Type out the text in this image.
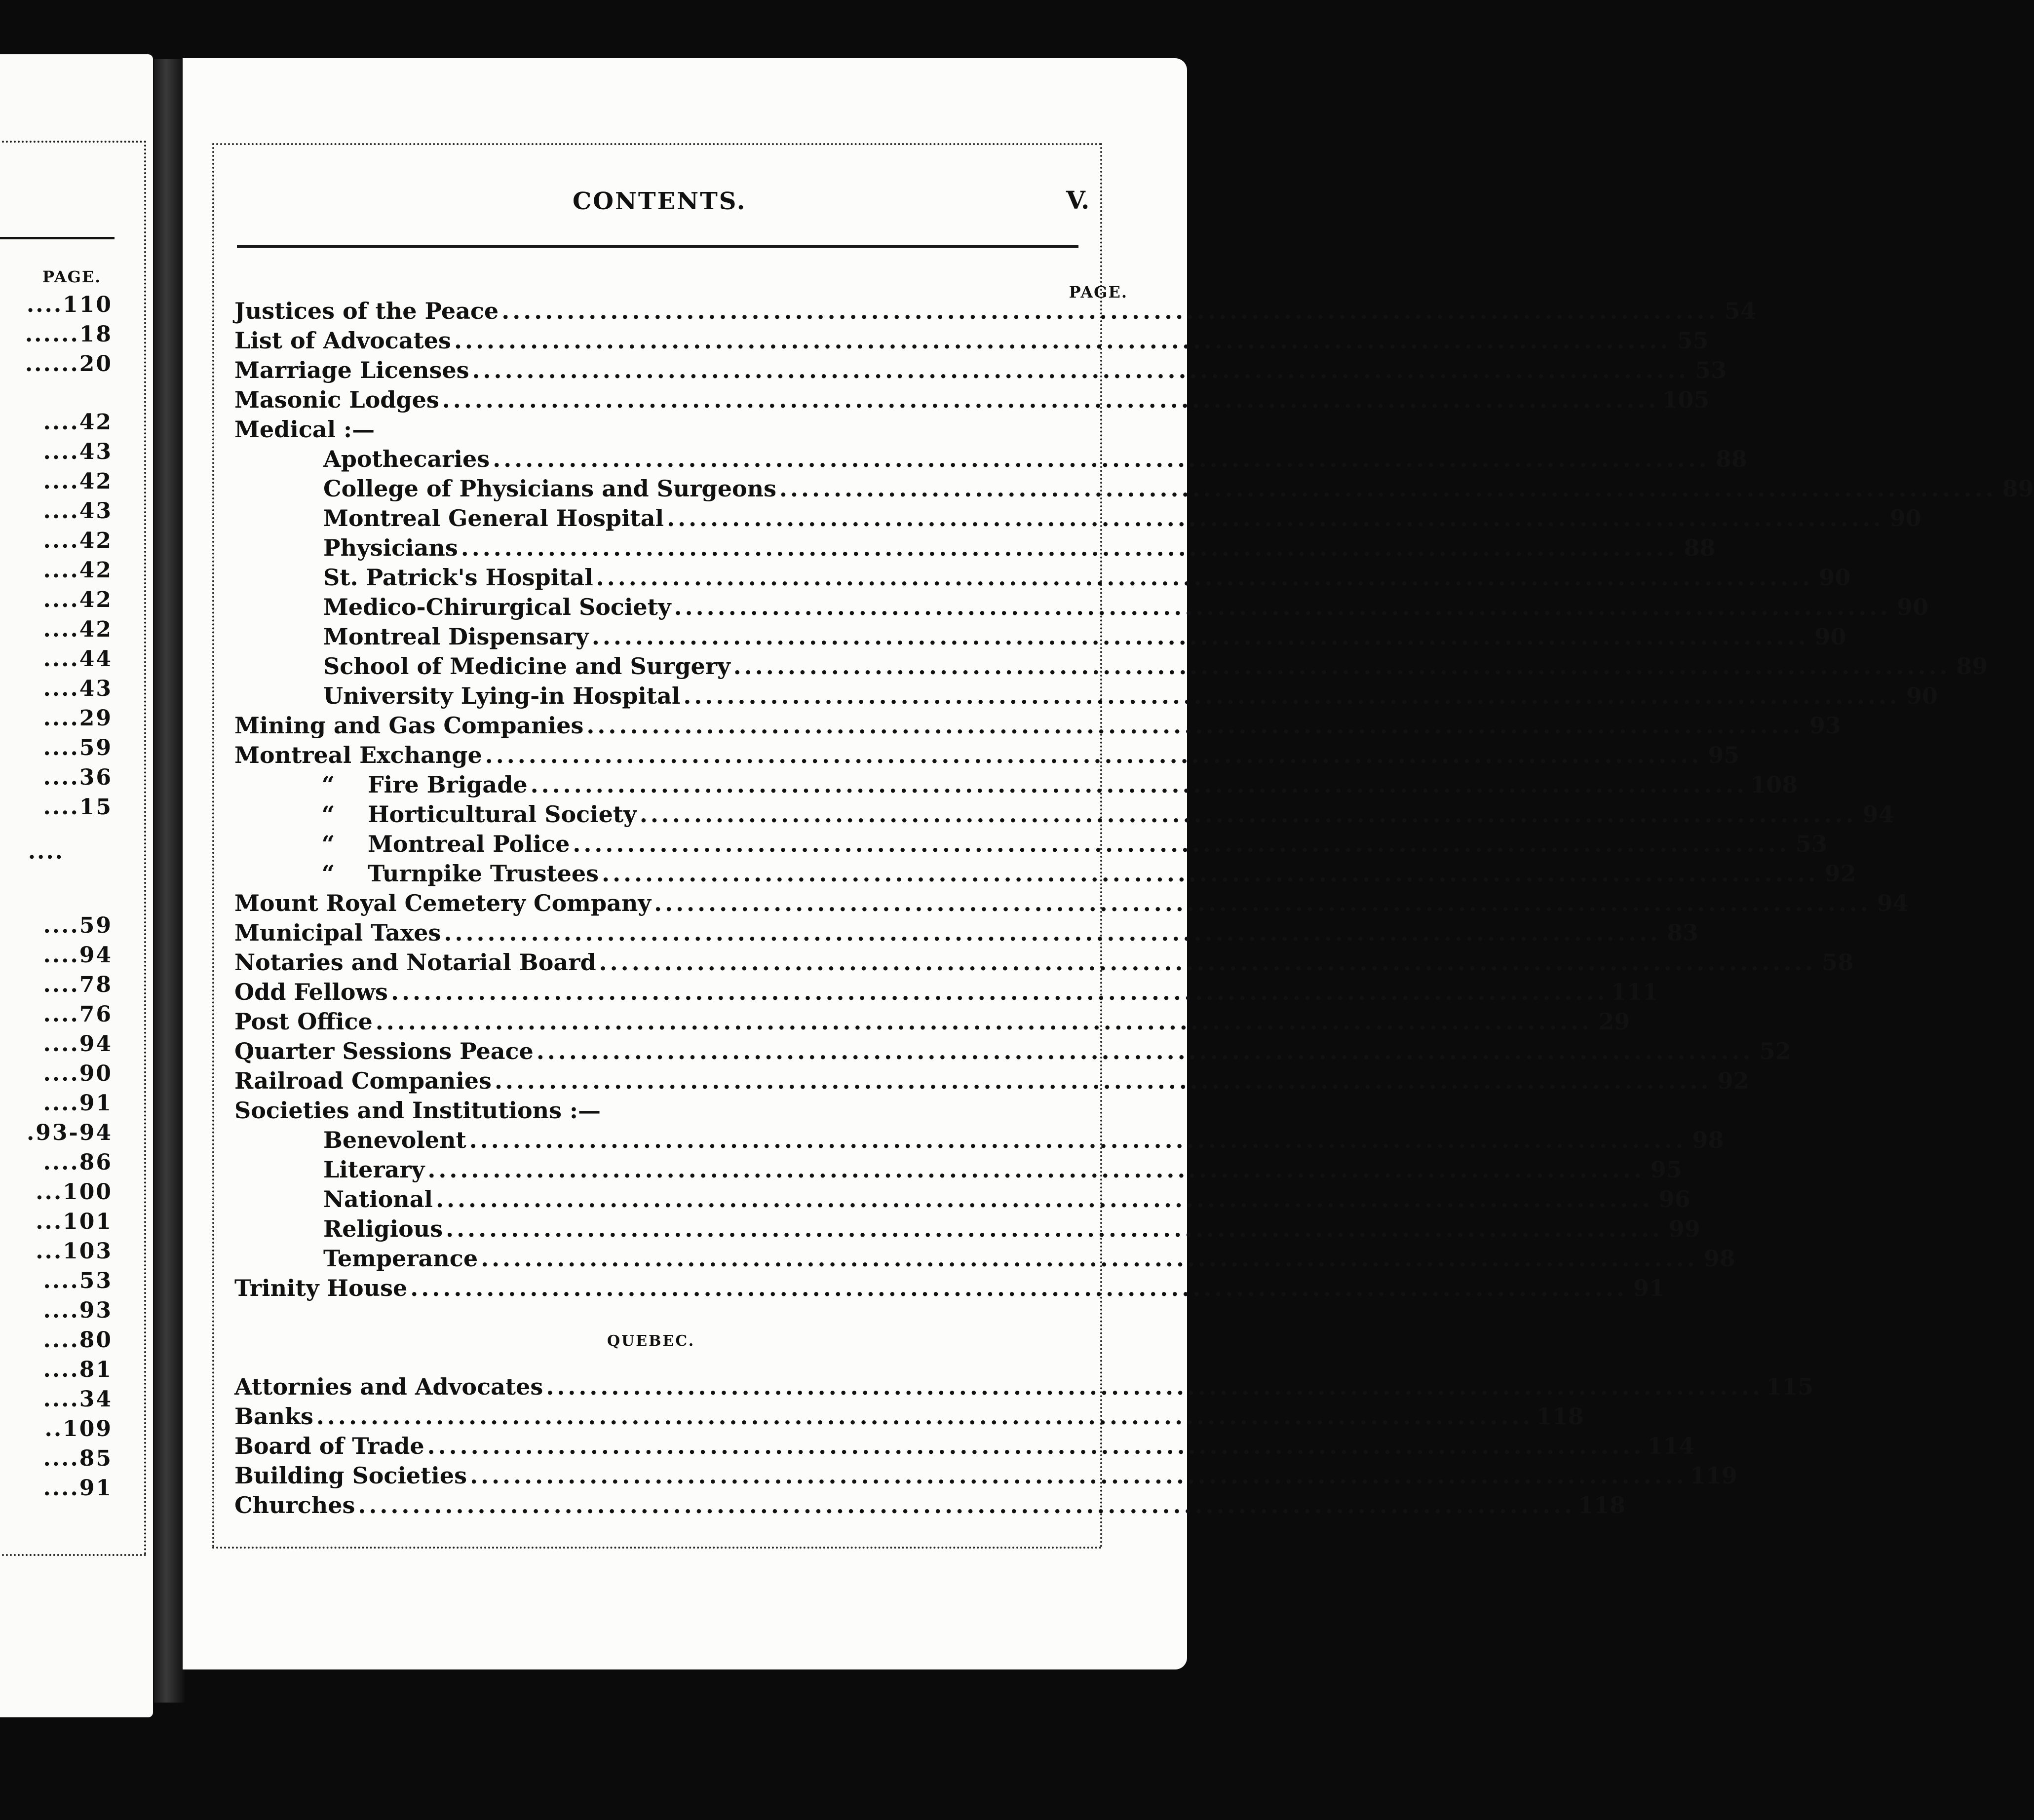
PAGE.
....110
......18
......20
....42
....43
....42
....43
....42
....42
....42
....42
....44
....43
....29
....59
....36
....15
....
....59
....94
....78
....76
....94
....90
....91
.93-94
....86
...100
...101
...103
....53
....93
....80
....81
....34
..109
....85
....91
CONTENTS.	V.
PAGE.
Justices of the Peace ................................................................................................................ 54
List of Advocates ................................................................................................................ 55
Marriage Licenses ................................................................................................................ 53
Masonic Lodges ................................................................................................................ 105
Medical :—
Apothecaries ................................................................................................................ 88
College of Physicians and Surgeons ................................................................................................................ 89
Montreal General Hospital ................................................................................................................ 90
Physicians ................................................................................................................ 88
St. Patrick's Hospital ................................................................................................................ 90
Medico-Chirurgical Society ................................................................................................................ 90
Montreal Dispensary ................................................................................................................ 90
School of Medicine and Surgery ................................................................................................................ 89
University Lying-in Hospital ................................................................................................................ 90
Mining and Gas Companies ................................................................................................................ 93
Montreal Exchange ................................................................................................................ 95
“	Fire Brigade ................................................................................................................ 108
“	Horticultural Society ................................................................................................................ 94
“	Montreal Police ................................................................................................................ 53
“	Turnpike Trustees ................................................................................................................ 92
Mount Royal Cemetery Company ................................................................................................................ 94
Municipal Taxes ................................................................................................................ 83
Notaries and Notarial Board ................................................................................................................ 58
Odd Fellows ................................................................................................................ 111
Post Office ................................................................................................................ 29
Quarter Sessions Peace ................................................................................................................ 52
Railroad Companies ................................................................................................................ 92
Societies and Institutions :—
Benevolent ................................................................................................................ 98
Literary ................................................................................................................ 95
National ................................................................................................................ 96
Religious ................................................................................................................ 99
Temperance ................................................................................................................ 98
Trinity House ................................................................................................................ 91
Attornies and Advocates ................................................................................................................ 115
Banks ................................................................................................................ 118
Board of Trade ................................................................................................................ 114
Building Societies ................................................................................................................ 119
Churches ................................................................................................................ 118
QUEBEC.
